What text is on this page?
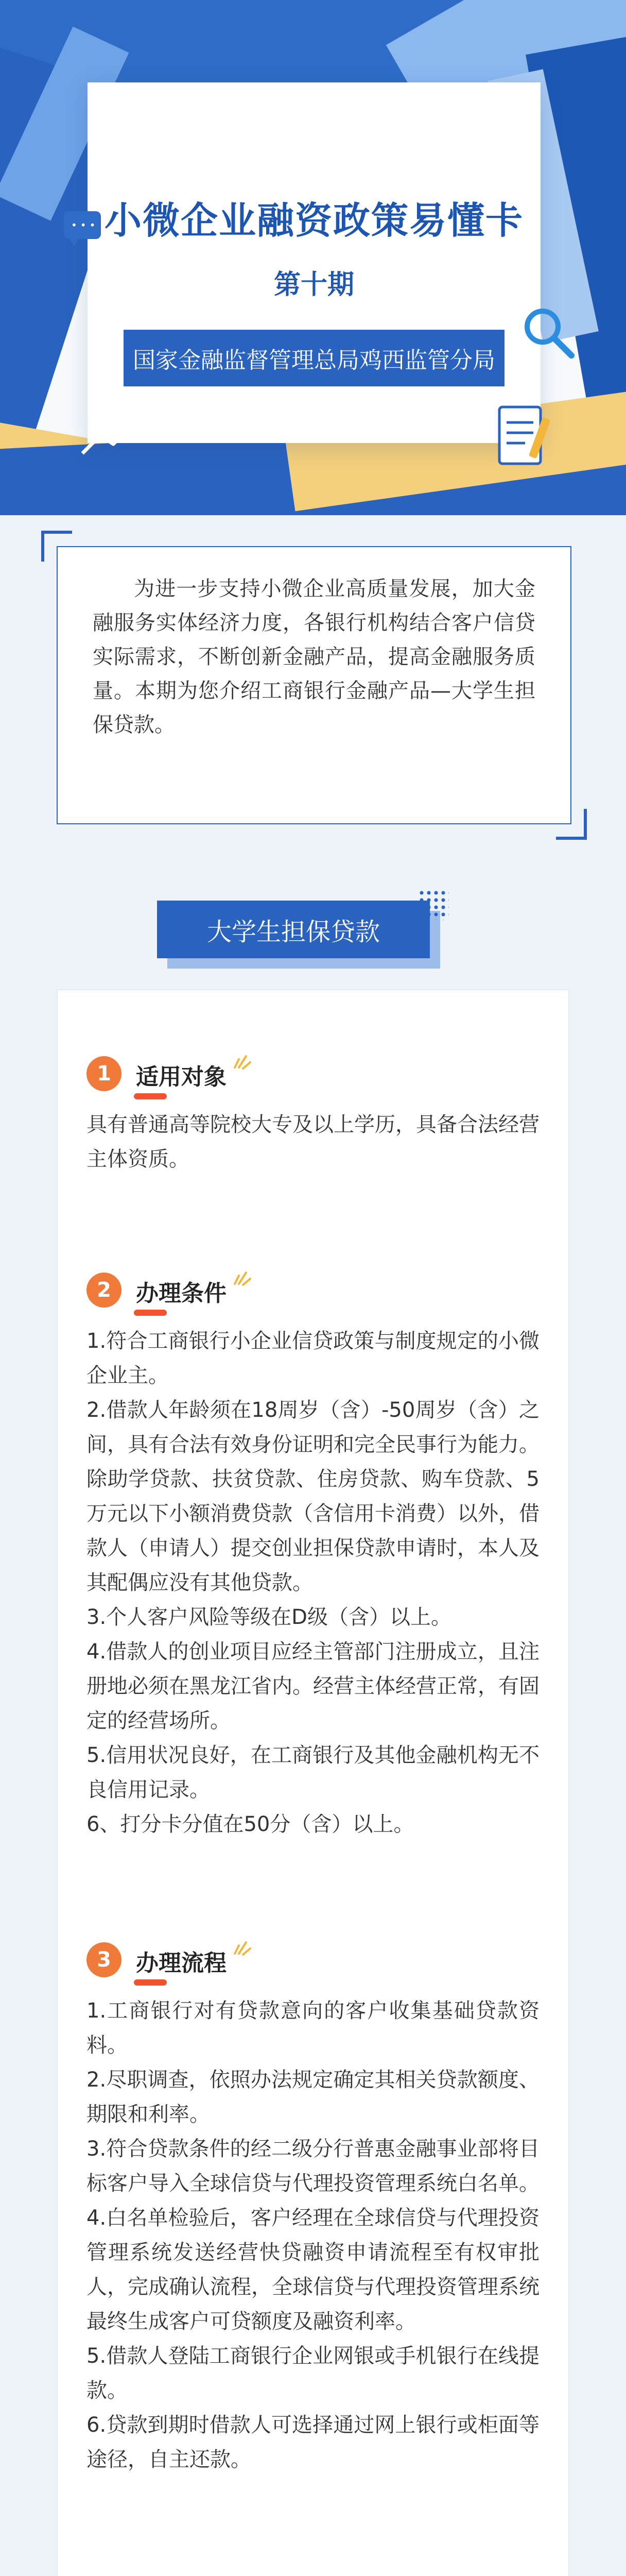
••• 小微企业融资政策易懂卡
第十期
国家金融监督管理总局鸡西监管分局
为进一步支持小微企业高质量发展，加大金融服务实体经济力度，各银行机构结合客户信贷实际需求，不断创新金融产品，提高金融服务质量。本期为您介绍工商银行金融产品—大学生担保贷款。
大学生担保贷款
1	适用对象

具有普通高等院校大专及以上学历，具备合法经营主体资质。

2	办理条件

1.符合工商银行小企业信贷政策与制度规定的小微企业主。

2.借款人年龄须在18周岁（含）-50周岁（含）之间，具有合法有效身份证明和完全民事行为能力。除助学贷款、扶贫贷款、住房贷款、购车贷款、5万元以下小额消费贷款（含信用卡消费）以外，借款人（申请人）提交创业担保贷款申请时，本人及其配偶应没有其他贷款。

3.个人客户风险等级在D级（含）以上。

4.借款人的创业项目应经主管部门注册成立，且注册地必须在黑龙江省内。经营主体经营正常，有固定的经营场所。

5.信用状况良好，在工商银行及其他金融机构无不良信用记录。

6、打分卡分值在50分（含）以上。

3	办理流程

1.工商银行对有贷款意向的客户收集基础贷款资料。

2.尽职调查，依照办法规定确定其相关贷款额度、期限和利率。

3.符合贷款条件的经二级分行普惠金融事业部将目标客户导入全球信贷与代理投资管理系统白名单。

4.白名单检验后，客户经理在全球信贷与代理投资管理系统发送经营快贷融资申请流程至有权审批人，完成确认流程，全球信贷与代理投资管理系统最终生成客户可贷额度及融资利率。

5.借款人登陆工商银行企业网银或手机银行在线提款。

6.贷款到期时借款人可选择通过网上银行或柜面等途径，自主还款。
